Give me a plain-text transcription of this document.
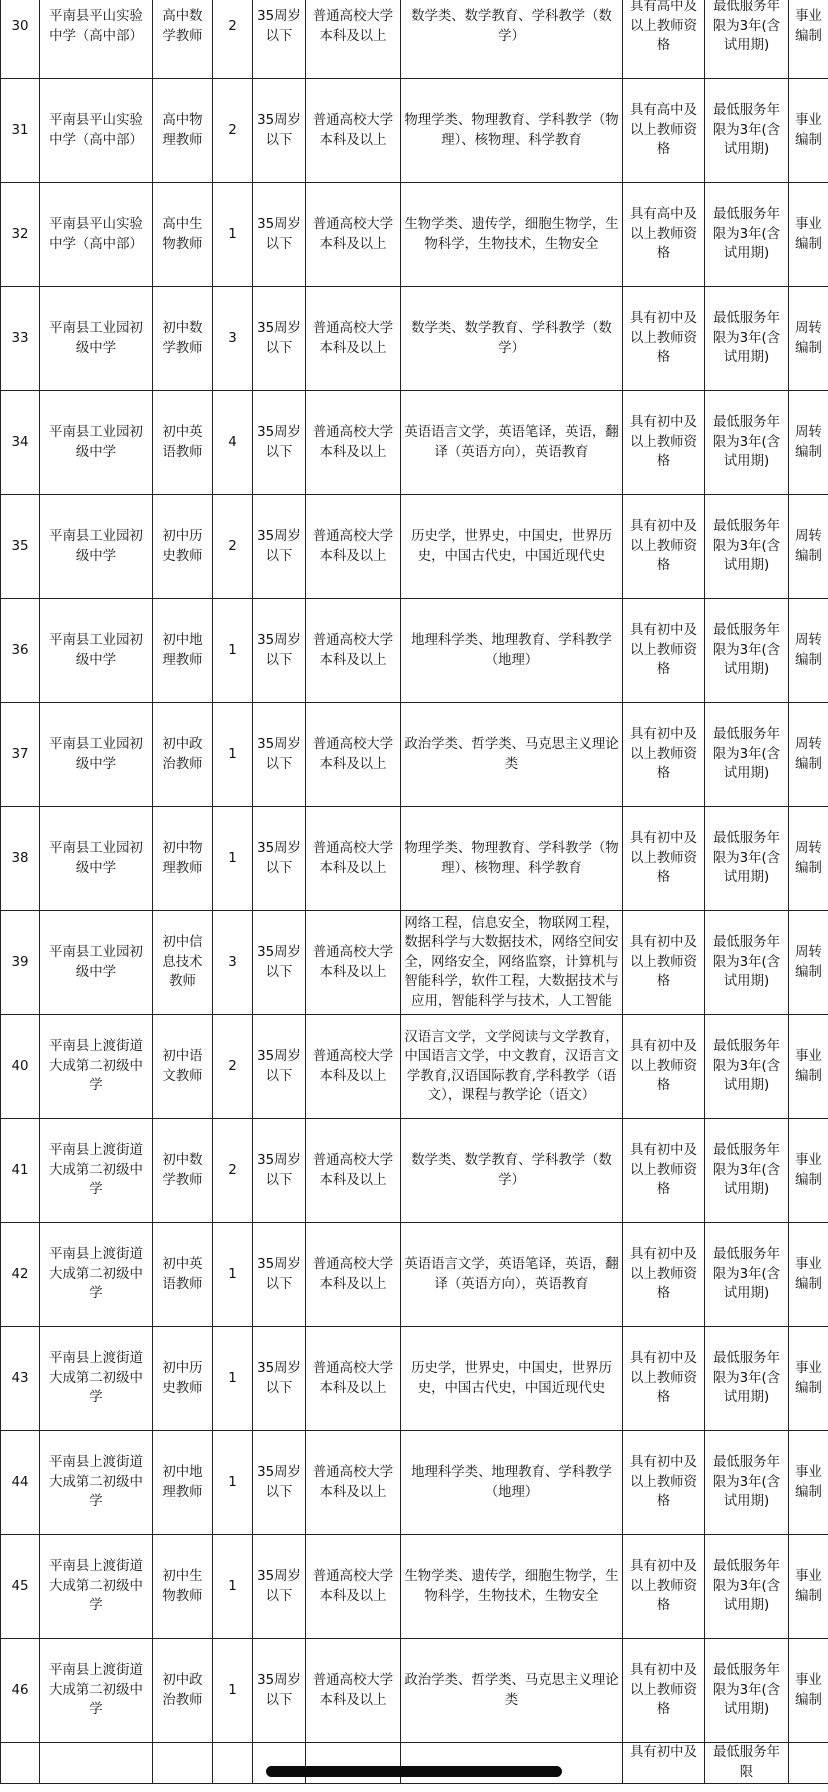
30	平南县平山实验中学（高中部）	高中数学教师	2	35周岁以下	普通高校大学本科及以上	数学类、数学教育、学科教学（数学）	具有高中及以上教师资格	最低服务年限为3年(含试用期)	事业编制
31	平南县平山实验中学（高中部）	高中物理教师	2	35周岁以下	普通高校大学本科及以上	物理学类、物理教育、学科教学（物理）、核物理、科学教育	具有高中及以上教师资格	最低服务年限为3年(含试用期)	事业编制
32	平南县平山实验中学（高中部）	高中生物教师	1	35周岁以下	普通高校大学本科及以上	生物学类、遗传学，细胞生物学，生物科学，生物技术，生物安全	具有高中及以上教师资格	最低服务年限为3年(含试用期)	事业编制
33	平南县工业园初级中学	初中数学教师	3	35周岁以下	普通高校大学本科及以上	数学类、数学教育、学科教学（数学）	具有初中及以上教师资格	最低服务年限为3年(含试用期)	周转编制
34	平南县工业园初级中学	初中英语教师	4	35周岁以下	普通高校大学本科及以上	英语语言文学，英语笔译，英语，翻译（英语方向），英语教育	具有初中及以上教师资格	最低服务年限为3年(含试用期)	周转编制
35	平南县工业园初级中学	初中历史教师	2	35周岁以下	普通高校大学本科及以上	历史学，世界史，中国史，世界历史，中国古代史，中国近现代史	具有初中及以上教师资格	最低服务年限为3年(含试用期)	周转编制
36	平南县工业园初级中学	初中地理教师	1	35周岁以下	普通高校大学本科及以上	地理科学类、地理教育、学科教学（地理）	具有初中及以上教师资格	最低服务年限为3年(含试用期)	周转编制
37	平南县工业园初级中学	初中政治教师	1	35周岁以下	普通高校大学本科及以上	政治学类、哲学类、马克思主义理论类	具有初中及以上教师资格	最低服务年限为3年(含试用期)	周转编制
38	平南县工业园初级中学	初中物理教师	1	35周岁以下	普通高校大学本科及以上	物理学类、物理教育、学科教学（物理）、核物理、科学教育	具有初中及以上教师资格	最低服务年限为3年(含试用期)	周转编制
39	平南县工业园初级中学	初中信息技术教师	3	35周岁以下	普通高校大学本科及以上	网络工程，信息安全，物联网工程，数据科学与大数据技术，网络空间安全，网络安全，网络监察，计算机与智能科学，软件工程，大数据技术与应用，智能科学与技术，人工智能	具有初中及以上教师资格	最低服务年限为3年(含试用期)	周转编制
40	平南县上渡街道大成第二初级中学	初中语文教师	2	35周岁以下	普通高校大学本科及以上	汉语言文学，文学阅读与文学教育，中国语言文学，中文教育，汉语言文学教育,汉语国际教育,学科教学（语文），课程与教学论（语文）	具有初中及以上教师资格	最低服务年限为3年(含试用期)	事业编制
41	平南县上渡街道大成第二初级中学	初中数学教师	2	35周岁以下	普通高校大学本科及以上	数学类、数学教育、学科教学（数学）	具有初中及以上教师资格	最低服务年限为3年(含试用期)	事业编制
42	平南县上渡街道大成第二初级中学	初中英语教师	1	35周岁以下	普通高校大学本科及以上	英语语言文学，英语笔译，英语，翻译（英语方向），英语教育	具有初中及以上教师资格	最低服务年限为3年(含试用期)	事业编制
43	平南县上渡街道大成第二初级中学	初中历史教师	1	35周岁以下	普通高校大学本科及以上	历史学，世界史，中国史，世界历史，中国古代史，中国近现代史	具有初中及以上教师资格	最低服务年限为3年(含试用期)	事业编制
44	平南县上渡街道大成第二初级中学	初中地理教师	1	35周岁以下	普通高校大学本科及以上	地理科学类、地理教育、学科教学（地理）	具有初中及以上教师资格	最低服务年限为3年(含试用期)	事业编制
45	平南县上渡街道大成第二初级中学	初中生物教师	1	35周岁以下	普通高校大学本科及以上	生物学类、遗传学，细胞生物学，生物科学，生物技术，生物安全	具有初中及以上教师资格	最低服务年限为3年(含试用期)	事业编制
46	平南县上渡街道大成第二初级中学	初中政治教师	1	35周岁以下	普通高校大学本科及以上	政治学类、哲学类、马克思主义理论类	具有初中及以上教师资格	最低服务年限为3年(含试用期)	事业编制
							具有初中及	最低服务年限	
